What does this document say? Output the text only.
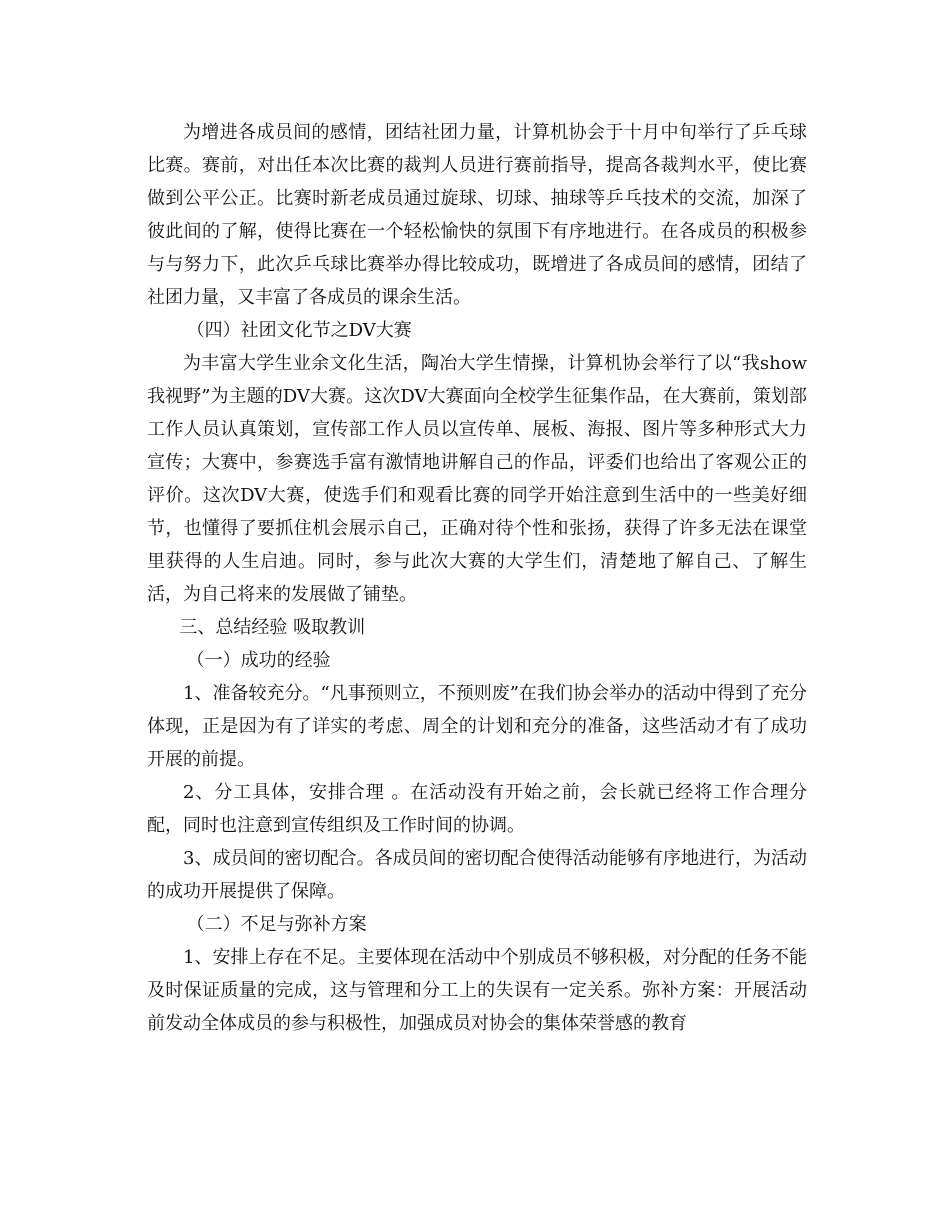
为增进各成员间的感情，团结社团力量，计算机协会于十月中旬举行了乒乓球比赛。赛前，对出任本次比赛的裁判人员进行赛前指导，提高各裁判水平，使比赛做到公平公正。比赛时新老成员通过旋球、切球、抽球等乒乓技术的交流，加深了彼此间的了解，使得比赛在一个轻松愉快的氛围下有序地进行。在各成员的积极参与与努力下，此次乒乓球比赛举办得比较成功，既增进了各成员间的感情，团结了社团力量，又丰富了各成员的课余生活。

（四）社团文化节之DV大赛

为丰富大学生业余文化生活，陶冶大学生情操，计算机协会举行了以“我show我视野”为主题的DV大赛。这次DV大赛面向全校学生征集作品，在大赛前，策划部工作人员认真策划，宣传部工作人员以宣传单、展板、海报、图片等多种形式大力宣传；大赛中，参赛选手富有激情地讲解自己的作品，评委们也给出了客观公正的评价。这次DV大赛，使选手们和观看比赛的同学开始注意到生活中的一些美好细节，也懂得了要抓住机会展示自己，正确对待个性和张扬，获得了许多无法在课堂里获得的人生启迪。同时，参与此次大赛的大学生们，清楚地了解自己、了解生活，为自己将来的发展做了铺垫。

三、总结经验 吸取教训

（一）成功的经验

1、准备较充分。“凡事预则立，不预则废”在我们协会举办的活动中得到了充分体现，正是因为有了详实的考虑、周全的计划和充分的准备，这些活动才有了成功开展的前提。

2、分工具体，安排合理 。在活动没有开始之前，会长就已经将工作合理分配，同时也注意到宣传组织及工作时间的协调。

3、成员间的密切配合。各成员间的密切配合使得活动能够有序地进行，为活动的成功开展提供了保障。

（二）不足与弥补方案

1、安排上存在不足。主要体现在活动中个别成员不够积极，对分配的任务不能及时保证质量的完成，这与管理和分工上的失误有一定关系。弥补方案：开展活动前发动全体成员的参与积极性，加强成员对协会的集体荣誉感的教育
